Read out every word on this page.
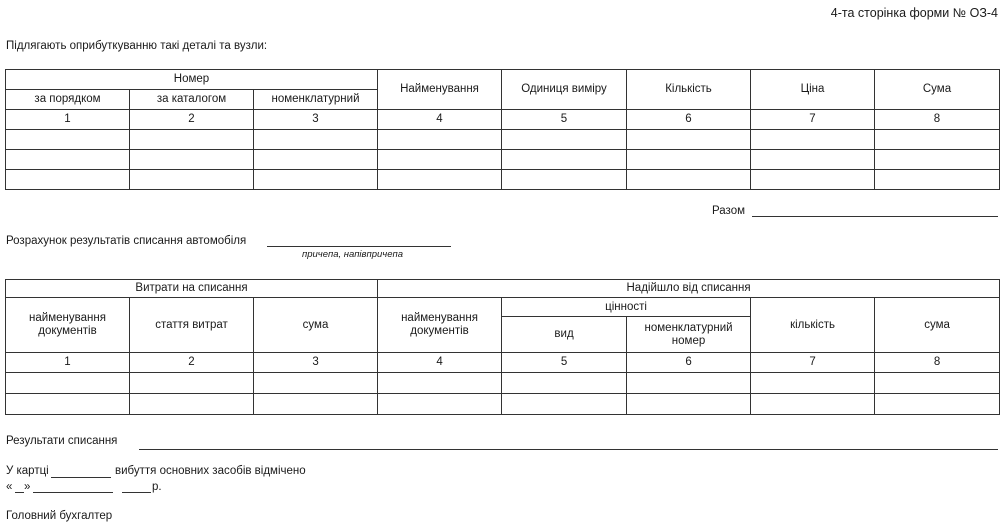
4-та сторінка форми № ОЗ-4
Підлягають оприбуткуванню такі деталі та вузли:
Номер			Найменування	Одиниця виміру	Кількість	Ціна	Сума
за порядком	за каталогом	номенклатурний					
1	2	3	4	5	6	7	8

Разом
Розрахунок результатів списання автомобіля
причепа, напівпричепа
Витрати на списання			Надійшло від списання				
найменування документів	стаття витрат	сума	найменування документів	цінності		кількість	сума
				вид	номенклатурний номер		
1	2	3	4	5	6	7	8

Результати списання
У картці	вибуття основних засобів відмічено
« »	р.
Головний бухгалтер
